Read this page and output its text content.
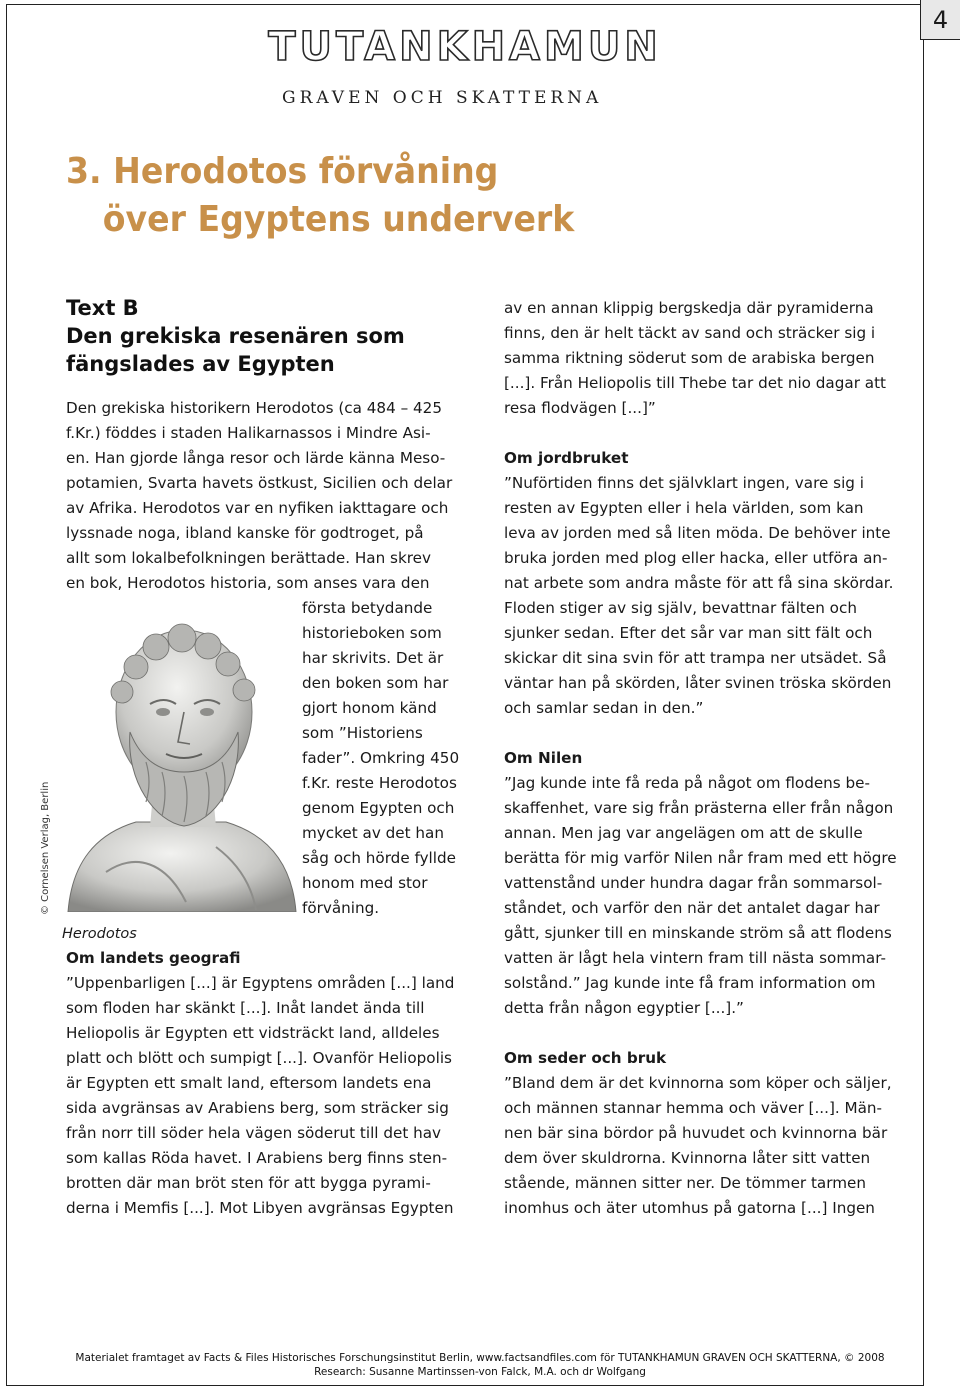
4
TUTANKHAMUN
GRAVEN OCH SKATTERNA
3. Herodotos förvåning
över Egyptens underverk
Text B
Den grekiska resenären som
fängslades av Egypten
Den grekiska historikern Herodotos (ca 484 – 425
f.Kr.) föddes i staden Halikarnassos i Mindre Asi-
en. Han gjorde långa resor och lärde känna Meso-
potamien, Svarta havets östkust, Sicilien och delar
av Afrika. Herodotos var en nyfiken iakttagare och
lyssnade noga, ibland kanske för godtroget, på
allt som lokalbefolkningen berättade. Han skrev
en bok, Herodotos historia, som anses vara den
första betydande
historieboken som
har skrivits. Det är
den boken som har
gjort honom känd
som ”Historiens
fader”. Omkring 450
f.Kr. reste Herodotos
genom Egypten och
mycket av det han
såg och hörde fyllde
honom med stor
förvåning.
© Cornelsen Verlag, Berlin
Herodotos
Om landets geografi
”Uppenbarligen [...] är Egyptens områden [...] land
som floden har skänkt [...]. Inåt landet ända till
Heliopolis är Egypten ett vidsträckt land, alldeles
platt och blött och sumpigt [...]. Ovanför Heliopolis
är Egypten ett smalt land, eftersom landets ena
sida avgränsas av Arabiens berg, som sträcker sig
från norr till söder hela vägen söderut till det hav
som kallas Röda havet. I Arabiens berg finns sten-
brotten där man bröt sten för att bygga pyrami-
derna i Memfis [...]. Mot Libyen avgränsas Egypten
av en annan klippig bergskedja där pyramiderna
finns, den är helt täckt av sand och sträcker sig i
samma riktning söderut som de arabiska bergen
[...]. Från Heliopolis till Thebe tar det nio dagar att
resa flodvägen [...]”
Om jordbruket
”Nuförtiden finns det självklart ingen, vare sig i
resten av Egypten eller i hela världen, som kan
leva av jorden med så liten möda. De behöver inte
bruka jorden med plog eller hacka, eller utföra an-
nat arbete som andra måste för att få sina skördar.
Floden stiger av sig själv, bevattnar fälten och
sjunker sedan. Efter det sår var man sitt fält och
skickar dit sina svin för att trampa ner utsädet. Så
väntar han på skörden, låter svinen tröska skörden
och samlar sedan in den.”
Om Nilen
”Jag kunde inte få reda på något om flodens be-
skaffenhet, vare sig från prästerna eller från någon
annan. Men jag var angelägen om att de skulle
berätta för mig varför Nilen når fram med ett högre
vattenstånd under hundra dagar från sommarsol-
ståndet, och varför den när det antalet dagar har
gått, sjunker till en minskande ström så att flodens
vatten är lågt hela vintern fram till nästa sommar-
solstånd.” Jag kunde inte få fram information om
detta från någon egyptier [...].”
Om seder och bruk
”Bland dem är det kvinnorna som köper och säljer,
och männen stannar hemma och väver [...]. Män-
nen bär sina bördor på huvudet och kvinnorna bär
dem över skuldrorna. Kvinnorna låter sitt vatten
stående, männen sitter ner. De tömmer tarmen
inomhus och äter utomhus på gatorna [...] Ingen
Materialet framtaget av Facts & Files Historisches Forschungsinstitut Berlin, www.factsandfiles.com för TUTANKHAMUN GRAVEN OCH SKATTERNA, © 2008
Research: Susanne Martinssen-von Falck, M.A. och dr Wolfgang
